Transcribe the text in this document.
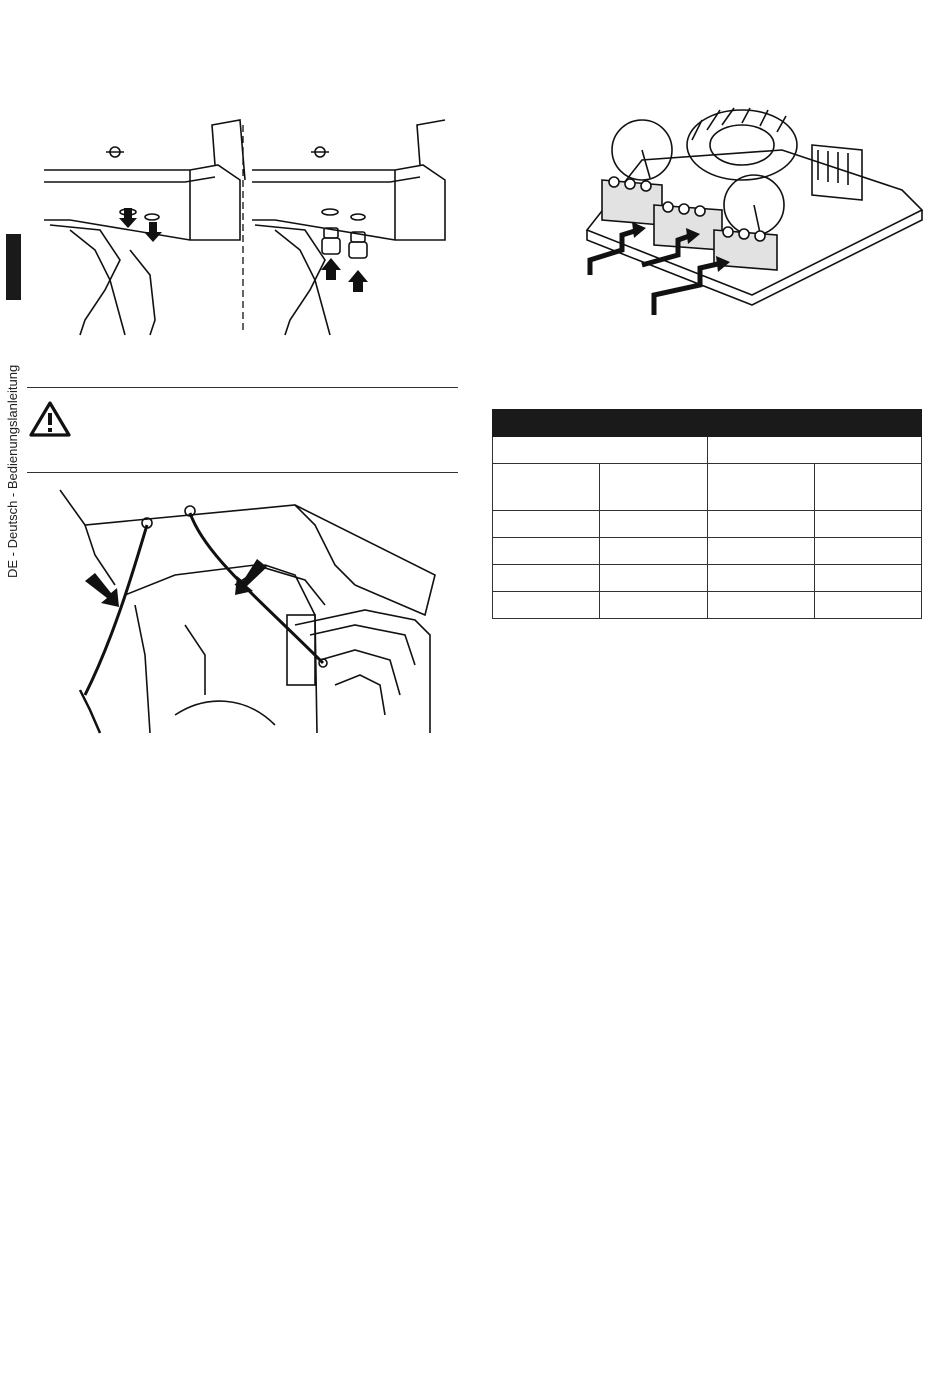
DE - Deutsch - Bedienungslanleitung
